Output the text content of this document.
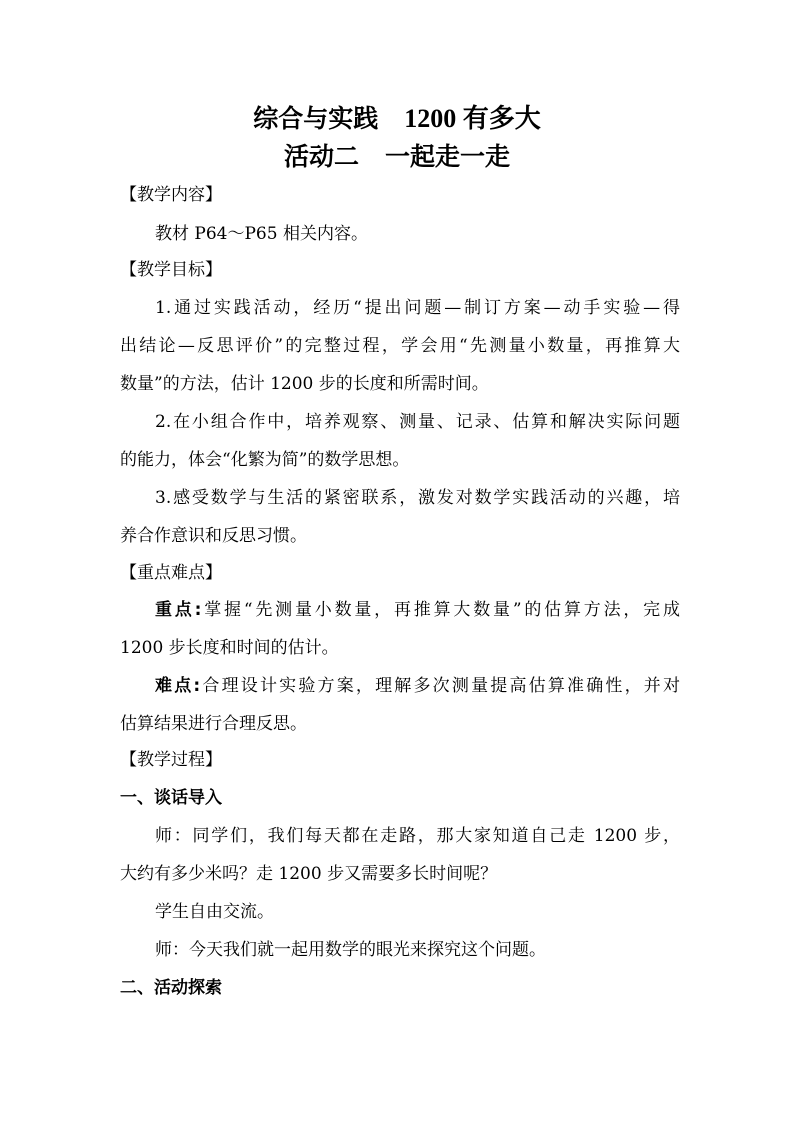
综合与实践 1200 有多大
活动二 一起走一走

【教学内容】

教材 P64～P65 相关内容。

【教学目标】

1.通过实践活动，经历“提出问题—制订方案—动手实验—得

出结论—反思评价”的完整过程，学会用“先测量小数量，再推算大

数量”的方法，估计 1200 步的长度和所需时间。

2.在小组合作中，培养观察、测量、记录、估算和解决实际问题

的能力，体会“化繁为简”的数学思想。

3.感受数学与生活的紧密联系，激发对数学实践活动的兴趣，培

养合作意识和反思习惯。

【重点难点】

重点:掌握“先测量小数量，再推算大数量”的估算方法，完成

1200 步长度和时间的估计。

难点:合理设计实验方案，理解多次测量提高估算准确性，并对

估算结果进行合理反思。

【教学过程】

一、谈话导入

师：同学们，我们每天都在走路，那大家知道自己走 1200 步，

大约有多少米吗？走 1200 步又需要多长时间呢？

学生自由交流。

师：今天我们就一起用数学的眼光来探究这个问题。

二、活动探索
